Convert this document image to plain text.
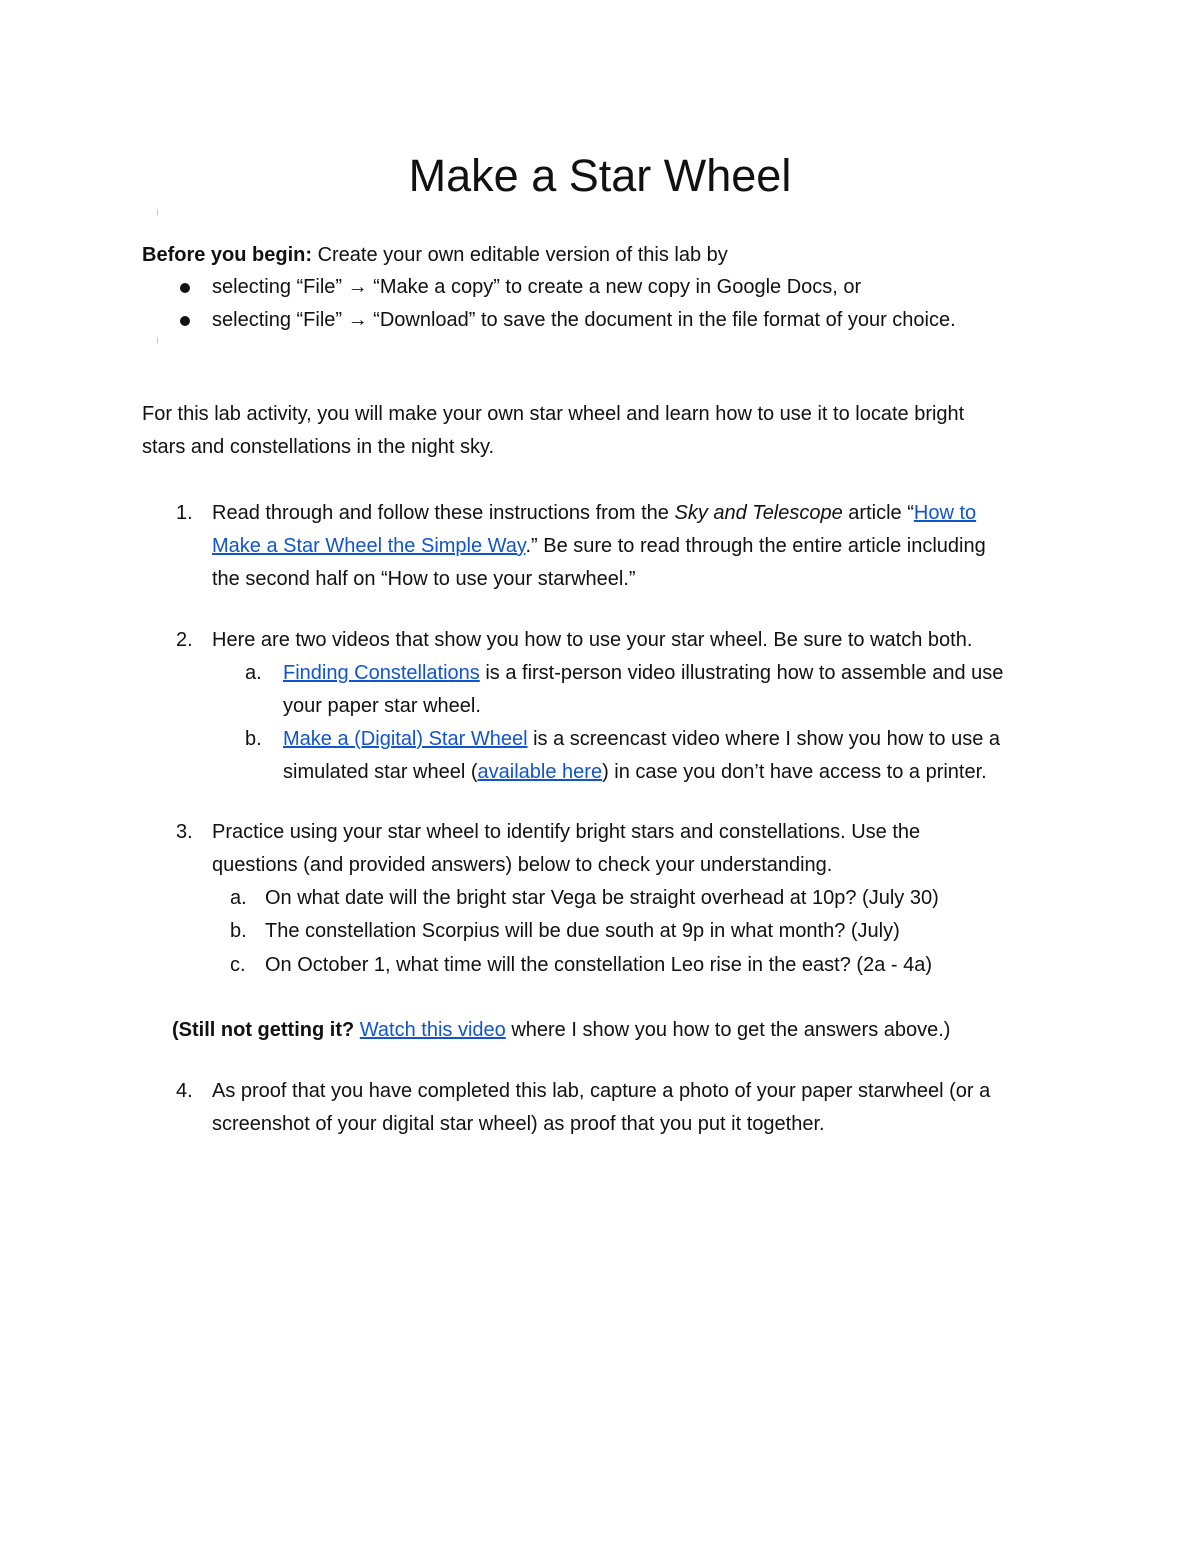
Make a Star Wheel
Before you begin: Create your own editable version of this lab by
selecting “File” → “Make a copy” to create a new copy in Google Docs, or
selecting “File” → “Download” to save the document in the file format of your choice.
For this lab activity, you will make your own star wheel and learn how to use it to locate bright
stars and constellations in the night sky.
1. Read through and follow these instructions from the Sky and Telescope article “How to
Make a Star Wheel the Simple Way.” Be sure to read through the entire article including
the second half on “How to use your starwheel.”
2. Here are two videos that show you how to use your star wheel. Be sure to watch both.
a. Finding Constellations is a first-person video illustrating how to assemble and use
your paper star wheel.
b. Make a (Digital) Star Wheel is a screencast video where I show you how to use a
simulated star wheel (available here) in case you don’t have access to a printer.
3. Practice using your star wheel to identify bright stars and constellations. Use the
questions (and provided answers) below to check your understanding.
a. On what date will the bright star Vega be straight overhead at 10p? (July 30)
b. The constellation Scorpius will be due south at 9p in what month? (July)
c. On October 1, what time will the constellation Leo rise in the east? (2a - 4a)
(Still not getting it? Watch this video where I show you how to get the answers above.)
4. As proof that you have completed this lab, capture a photo of your paper starwheel (or a
screenshot of your digital star wheel) as proof that you put it together.
